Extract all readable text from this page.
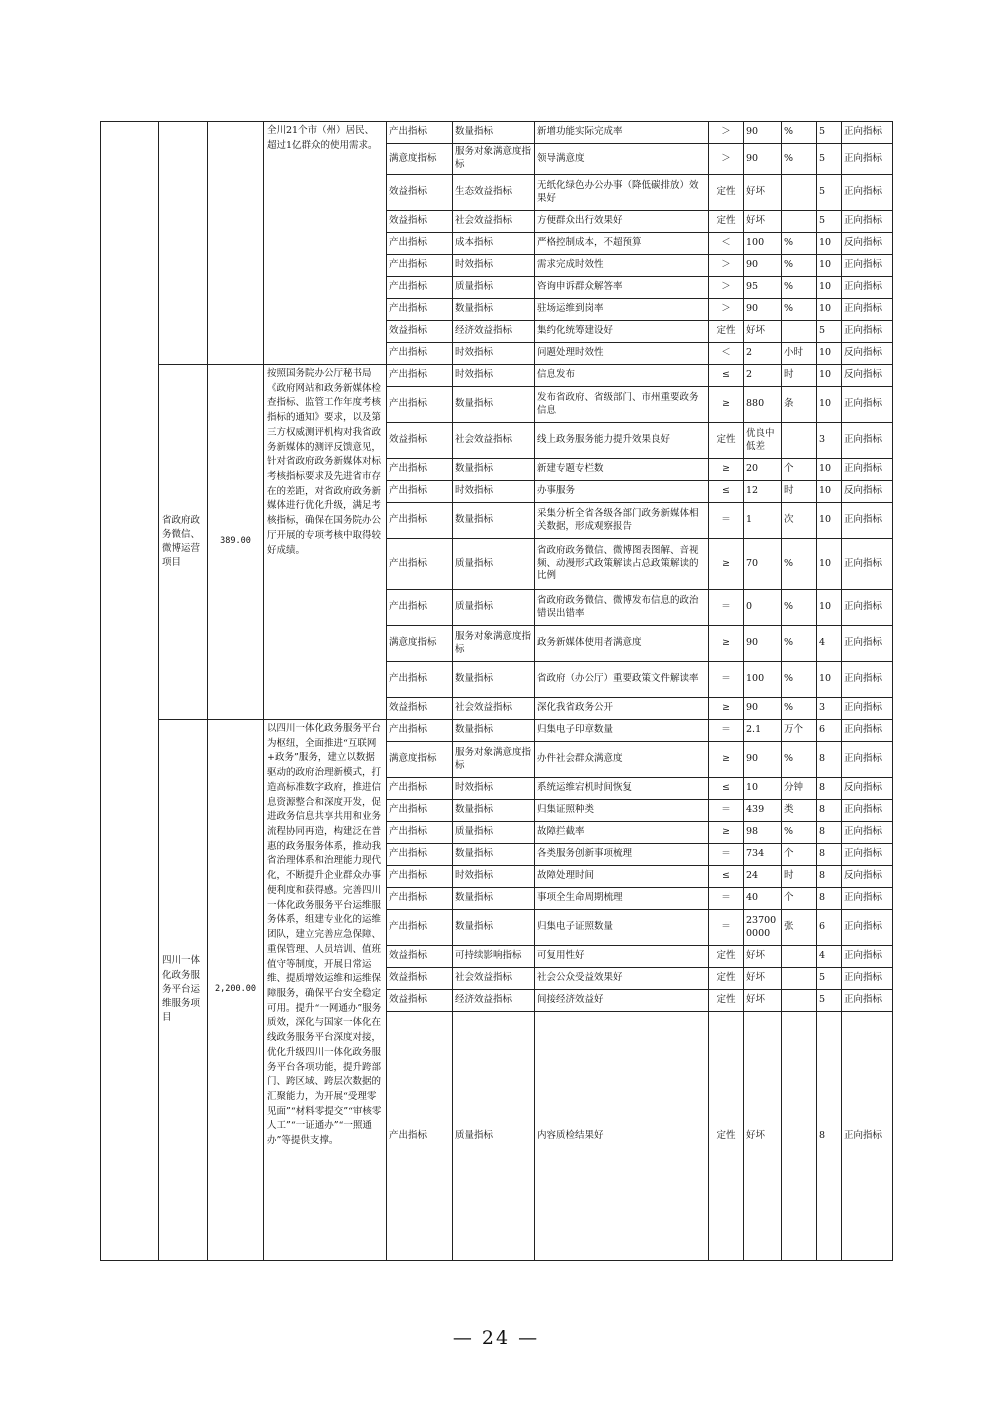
			全川21个市（州）居民、超过1亿群众的使用需求。	产出指标	数量指标	新增功能实际完成率	＞	90	%	5	正向指标
				满意度指标	服务对象满意度指标	领导满意度	＞	90	%	5	正向指标
				效益指标	生态效益指标	无纸化绿色办公办事（降低碳排放）效果好	定性	好坏		5	正向指标
				效益指标	社会效益指标	方便群众出行效果好	定性	好坏		5	正向指标
				产出指标	成本指标	严格控制成本，不超预算	＜	100	%	10	反向指标
				产出指标	时效指标	需求完成时效性	＞	90	%	10	正向指标
				产出指标	质量指标	咨询申诉群众解答率	＞	95	%	10	正向指标
				产出指标	数量指标	驻场运维到岗率	＞	90	%	10	正向指标
				效益指标	经济效益指标	集约化统筹建设好	定性	好坏		5	正向指标
				产出指标	时效指标	问题处理时效性	＜	2	小时	10	反向指标
	省政府政务微信、微博运营项目	389.00	按照国务院办公厅秘书局《政府网站和政务新媒体检查指标、监管工作年度考核指标的通知》要求，以及第三方权威测评机构对我省政务新媒体的测评反馈意见，针对省政府政务新媒体对标考核指标要求及先进省市存在的差距，对省政府政务新媒体进行优化升级，满足考核指标，确保在国务院办公厅开展的专项考核中取得较好成绩。	产出指标	时效指标	信息发布	≤	2	时	10	反向指标
				产出指标	数量指标	发布省政府、省级部门、市州重要政务信息	≥	880	条	10	正向指标
				效益指标	社会效益指标	线上政务服务能力提升效果良好	定性	优良中低差		3	正向指标
				产出指标	数量指标	新建专题专栏数	≥	20	个	10	正向指标
				产出指标	时效指标	办事服务	≤	12	时	10	反向指标
				产出指标	数量指标	采集分析全省各级各部门政务新媒体相关数据，形成观察报告	＝	1	次	10	正向指标
				产出指标	质量指标	省政府政务微信、微博图表图解、音视频、动漫形式政策解读占总政策解读的比例	≥	70	%	10	正向指标
				产出指标	质量指标	省政府政务微信、微博发布信息的政治错误出错率	＝	0	%	10	正向指标
				满意度指标	服务对象满意度指标	政务新媒体使用者满意度	≥	90	%	4	正向指标
				产出指标	数量指标	省政府（办公厅）重要政策文件解读率	＝	100	%	10	正向指标
				效益指标	社会效益指标	深化我省政务公开	≥	90	%	3	正向指标
	四川一体化政务服务平台运维服务项目	2,200.00	以四川一体化政务服务平台为枢纽，全面推进“互联网+政务”服务，建立以数据驱动的政府治理新模式，打造高标准数字政府，推进信息资源整合和深度开发，促进政务信息共享共用和业务流程协同再造，构建泛在普惠的政务服务体系，推动我省治理体系和治理能力现代化，不断提升企业群众办事便利度和获得感。完善四川一体化政务服务平台运维服务体系，组建专业化的运维团队，建立完善应急保障、重保管理、人员培训、值班值守等制度，开展日常运维、提质增效运维和运维保障服务，确保平台安全稳定可用。提升“一网通办”服务质效，深化与国家一体化在线政务服务平台深度对接，优化升级四川一体化政务服务平台各项功能，提升跨部门、跨区域、跨层次数据的汇聚能力，为开展“受理零见面”“材料零提交”“审核零人工”“一证通办”“一照通办”等提供支撑。	产出指标	数量指标	归集电子印章数量	＝	2.1	万个	6	正向指标
				满意度指标	服务对象满意度指标	办件社会群众满意度	≥	90	%	8	正向指标
				产出指标	时效指标	系统运维宕机时间恢复	≤	10	分钟	8	反向指标
				产出指标	数量指标	归集证照种类	＝	439	类	8	正向指标
				产出指标	质量指标	故障拦截率	≥	98	%	8	正向指标
				产出指标	数量指标	各类服务创新事项梳理	＝	734	个	8	正向指标
				产出指标	时效指标	故障处理时间	≤	24	时	8	反向指标
				产出指标	数量指标	事项全生命周期梳理	＝	40	个	8	正向指标
				产出指标	数量指标	归集电子证照数量	＝	237000000	张	6	正向指标
				效益指标	可持续影响指标	可复用性好	定性	好坏		4	正向指标
				效益指标	社会效益指标	社会公众受益效果好	定性	好坏		5	正向指标
				效益指标	经济效益指标	间接经济效益好	定性	好坏		5	正向指标
				产出指标	质量指标	内容质检结果好	定性	好坏		8	正向指标
— 24 —
